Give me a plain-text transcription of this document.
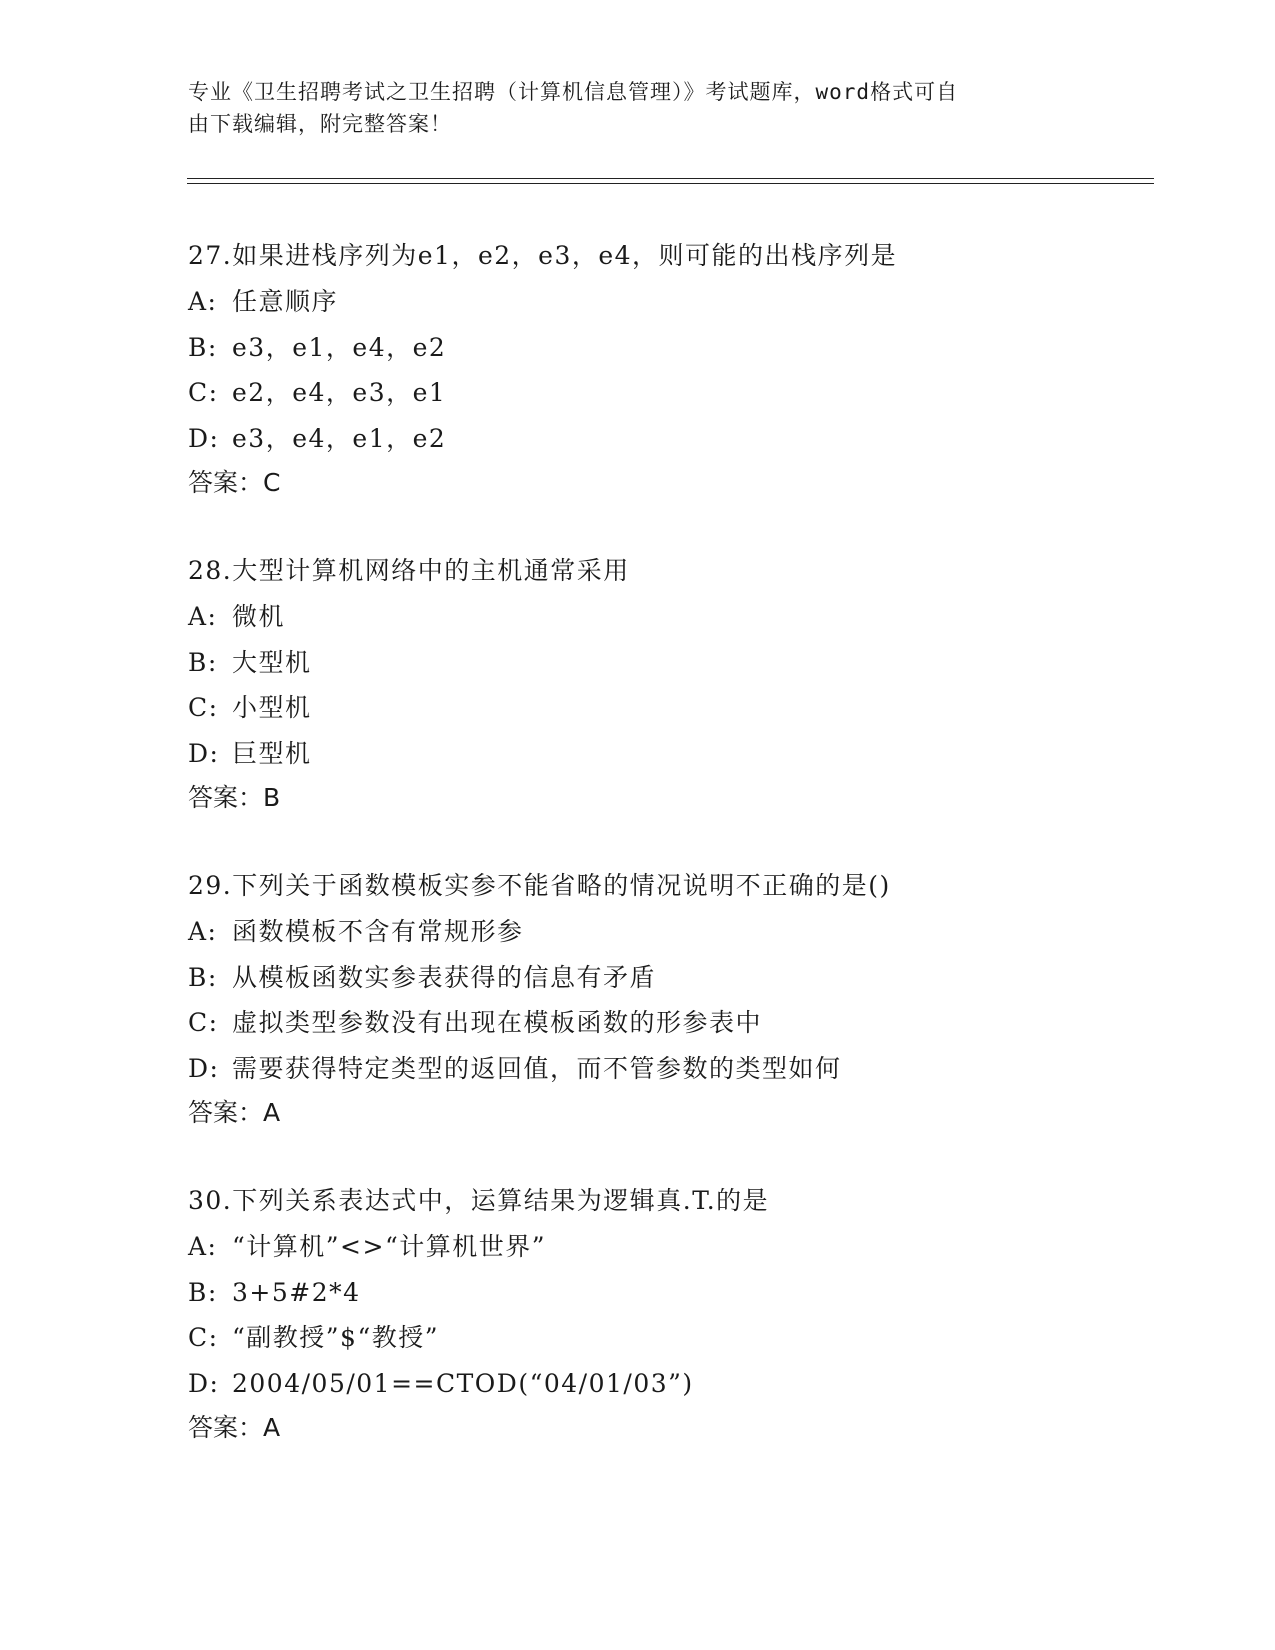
专业《卫生招聘考试之卫生招聘（计算机信息管理）》考试题库，word格式可自
由下载编辑，附完整答案！
27.如果进栈序列为e1，e2，e3，e4，则可能的出栈序列是
A: 任意顺序
B: e3，e1，e4，e2
C: e2，e4，e3，e1
D: e3，e4，e1，e2
答案：C
28.大型计算机网络中的主机通常采用
A: 微机
B: 大型机
C: 小型机
D: 巨型机
答案：B
29.下列关于函数模板实参不能省略的情况说明不正确的是()
A: 函数模板不含有常规形参
B: 从模板函数实参表获得的信息有矛盾
C: 虚拟类型参数没有出现在模板函数的形参表中
D: 需要获得特定类型的返回值，而不管参数的类型如何
答案：A
30.下列关系表达式中，运算结果为逻辑真.T.的是
A: “计算机”<>“计算机世界”
B: 3+5#2*4
C: “副教授”$“教授”
D: 2004/05/01==CTOD(“04/01/03”)
答案：A
